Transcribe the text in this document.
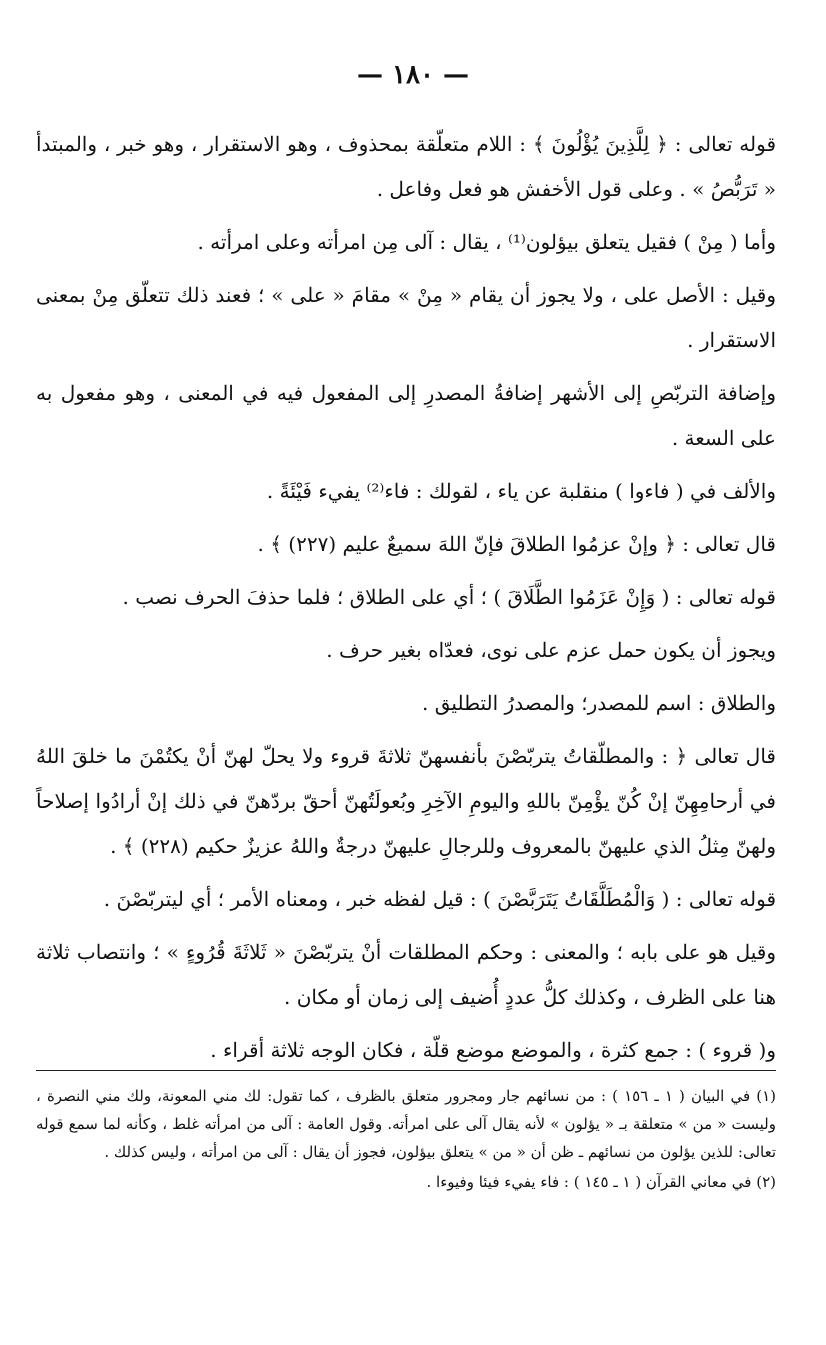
— ١٨٠ —

قوله تعالى : ﴿ لِلَّذِينَ يُؤْلُونَ ﴾ : اللام متعلّقة بمحذوف ، وهو الاستقرار ، وهو خبر ، والمبتدأ « تَرَبُّصُ » . وعلى قول الأخفش هو فعل وفاعل .

وأما ( مِنْ ) فقيل يتعلق بيؤلون⁽¹⁾ ، يقال : آلى مِن امرأته وعلى امرأته .

وقيل : الأصل على ، ولا يجوز أن يقام « مِنْ » مقامَ « على » ؛ فعند ذلك تتعلّق مِنْ بمعنى الاستقرار .

وإضافة التربّصِ إلى الأشهر إضافةُ المصدرِ إلى المفعول فيه في المعنى ، وهو مفعول به على السعة .

والألف في ( فاءوا ) منقلبة عن ياء ، لقولك : فاء⁽²⁾ يفيء فَيْئَةً .

قال تعالى : ﴿ وإنْ عزمُوا الطلاقَ فإنّ اللهَ سميعٌ عليم (٢٢٧) ﴾ .

قوله تعالى : ( وَإِنْ عَزَمُوا الطَّلَاقَ ) ؛ أي على الطلاق ؛ فلما حذفَ الحرف نصب .

ويجوز أن يكون حمل عزم على نوى، فعدّاه بغير حرف .

والطلاق : اسم للمصدر؛ والمصدرُ التطليق .

قال تعالى ﴿ : والمطلّقاتُ يتربّصْنَ بأنفسهنّ ثلاثةَ قروء ولا يحلّ لهنّ أنْ يكتُمْنَ ما خلقَ اللهُ في أرحامِهِنّ إنْ كُنّ يؤْمِنّ باللهِ واليومِ الآخِرِ وبُعولَتُهنّ أحقّ بردّهنّ في ذلك إنْ أرادُوا إصلاحاً ولهنّ مِثلُ الذي عليهنّ بالمعروف وللرجالِ عليهنّ درجةٌ واللهُ عزيزٌ حكيم (٢٢٨) ﴾ .

قوله تعالى : ( وَالْمُطَلَّقَاتُ يَتَرَبَّصْنَ ) : قيل لفظه خبر ، ومعناه الأمر ؛ أي ليتربّصْنَ .

وقيل هو على بابه ؛ والمعنى : وحكم المطلقات أنْ يتربّصْنَ « ثَلاثَةَ قُرُوءٍ » ؛ وانتصاب ثلاثة هنا على الظرف ، وكذلك كلُّ عددٍ أُضيف إلى زمان أو مكان .

و( قروء ) : جمع كثرة ، والموضع موضع قلّة ، فكان الوجه ثلاثة أقراء .

(١) في البيان ( ١ ـ ١٥٦ ) : من نسائهم جار ومجرور متعلق بالظرف ، كما تقول: لك مني المعونة، ولك مني النصرة ، وليست « من » متعلقة بـ « يؤلون » لأنه يقال آلى على امرأته. وقول العامة : آلى من امرأته غلط ، وكأنه لما سمع قوله تعالى: للذين يؤلون من نسائهم ـ ظن أن « من » يتعلق بيؤلون، فجوز أن يقال : آلى من امرأته ، وليس كذلك .

(٢) في معاني القرآن ( ١ ـ ١٤٥ ) : فاء يفيء فيئا وفيوءا .
